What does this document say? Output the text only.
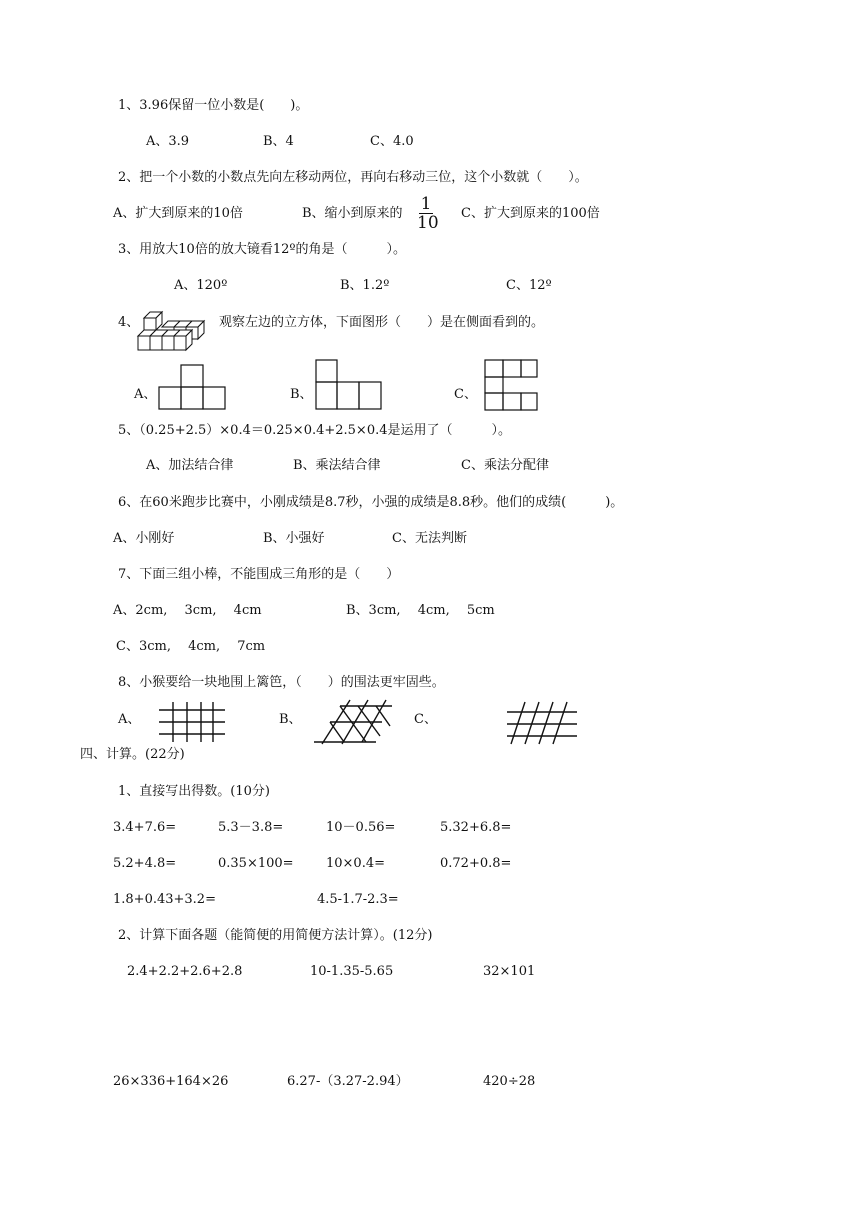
1、3.96保留一位小数是(　　)。
A、3.9	B、4	C、4.0
2、把一个小数的小数点先向左移动两位，再向右移动三位，这个小数就（　　）。
A、扩大到原来的10倍	B、缩小到原来的 1
10 C、扩大到原来的100倍
3、用放大10倍的放大镜看12º的角是（　　　）。
A、120º	B、1.2º	C、12º
4、	观察左边的立方体，下面图形（　　）是在侧面看到的。
A、	B、	C、
5、（0.25+2.5）×0.4＝0.25×0.4+2.5×0.4是运用了（　　　）。
A、加法结合律	B、乘法结合律	C、乘法分配律
6、在60米跑步比赛中，小刚成绩是8.7秒，小强的成绩是8.8秒。他们的成绩(　　　)。
A、小刚好	B、小强好	C、无法判断
7、下面三组小棒，不能围成三角形的是（　　）
A、2cm,　 3cm,　 4cm	B、3cm,　 4cm,　 5cm
C、3cm,　 4cm,　 7cm
8、小猴要给一块地围上篱笆，（　　）的围法更牢固些。
A、	B、	C、
四、计算。(22分)
1、直接写出得数。(10分)
3.4+7.6=	5.3－3.8=	10－0.56=	5.32+6.8=
5.2+4.8=	0.35×100= 10×0.4=	0.72+0.8=
1.8+0.43+3.2=	4.5-1.7-2.3=
2、计算下面各题（能简便的用简便方法计算）。(12分)
2.4+2.2+2.6+2.8	10-1.35-5.65	32×101
26×336+164×26	6.27-（3.27-2.94）	420÷28
